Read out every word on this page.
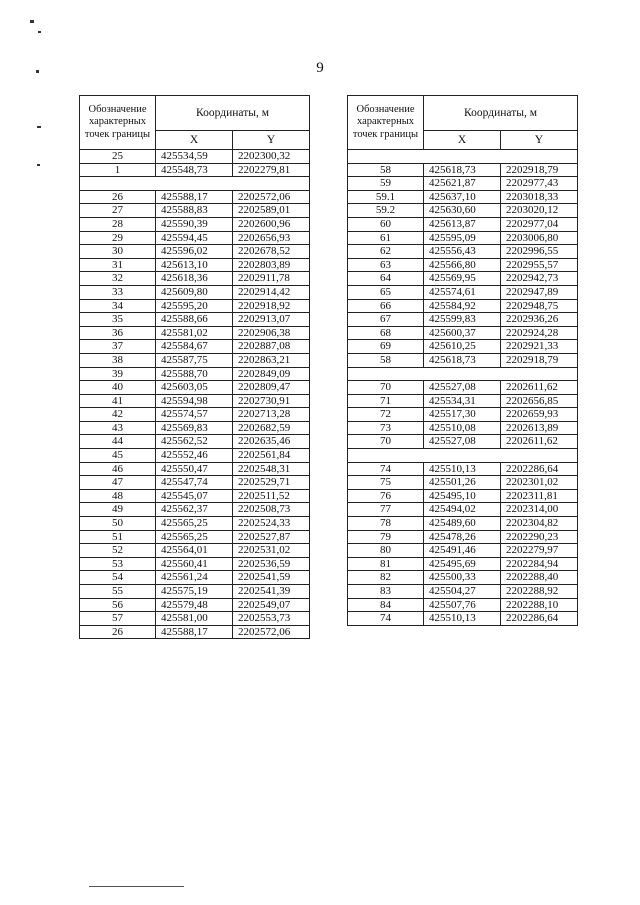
9
Обозначение характерных точек границы	Координаты, м	
	X	Y
25	425534,59	2202300,32
1	425548,73	2202279,81

26	425588,17	2202572,06
27	425588,83	2202589,01
28	425590,39	2202600,96
29	425594,45	2202656,93
30	425596,02	2202678,52
31	425613,10	2202803,89
32	425618,36	2202911,78
33	425609,80	2202914,42
34	425595,20	2202918,92
35	425588,66	2202913,07
36	425581,02	2202906,38
37	425584,67	2202887,08
38	425587,75	2202863,21
39	425588,70	2202849,09
40	425603,05	2202809,47
41	425594,98	2202730,91
42	425574,57	2202713,28
43	425569,83	2202682,59
44	425562,52	2202635,46
45	425552,46	2202561,84
46	425550,47	2202548,31
47	425547,74	2202529,71
48	425545,07	2202511,52
49	425562,37	2202508,73
50	425565,25	2202524,33
51	425565,25	2202527,87
52	425564,01	2202531,02
53	425560,41	2202536,59
54	425561,24	2202541,59
55	425575,19	2202541,39
56	425579,48	2202549,07
57	425581,00	2202553,73
26	425588,17	2202572,06
Обозначение характерных точек границы	Координаты, м	
	X	Y

58	425618,73	2202918,79
59	425621,87	2202977,43
59.1	425637,10	2203018,33
59.2	425630,60	2203020,12
60	425613,87	2202977,04
61	425595,09	2203006,80
62	425556,43	2202996,55
63	425566,80	2202955,57
64	425569,95	2202942,73
65	425574,61	2202947,89
66	425584,92	2202948,75
67	425599,83	2202936,26
68	425600,37	2202924,28
69	425610,25	2202921,33
58	425618,73	2202918,79

70	425527,08	2202611,62
71	425534,31	2202656,85
72	425517,30	2202659,93
73	425510,08	2202613,89
70	425527,08	2202611,62

74	425510,13	2202286,64
75	425501,26	2202301,02
76	425495,10	2202311,81
77	425494,02	2202314,00
78	425489,60	2202304,82
79	425478,26	2202290,23
80	425491,46	2202279,97
81	425495,69	2202284,94
82	425500,33	2202288,40
83	425504,27	2202288,92
84	425507,76	2202288,10
74	425510,13	2202286,64
